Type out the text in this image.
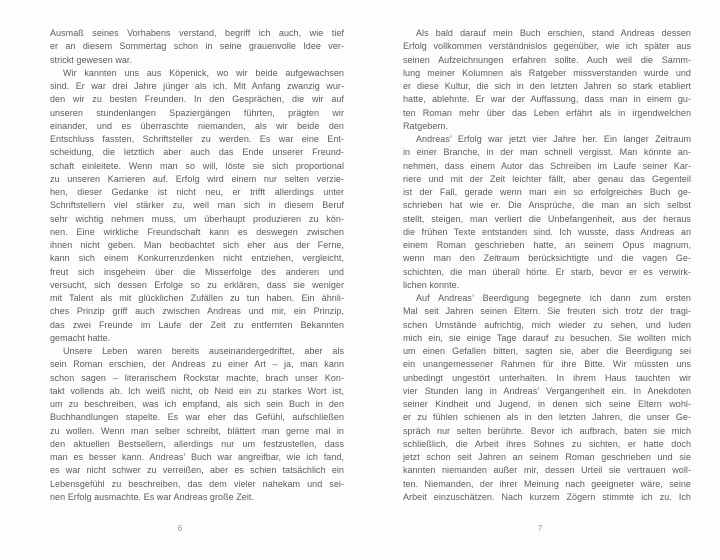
Ausmaß seines Vorhabens verstand, begriff ich auch, wie tief
er an diesem Sommertag schon in seine grauenvolle Idee ver-
strickt gewesen war.
Wir kannten uns aus Köpenick, wo wir beide aufgewachsen
sind. Er war drei Jahre jünger als ich. Mit Anfang zwanzig wur-
den wir zu besten Freunden. In den Gesprächen, die wir auf
unseren stundenlangen Spaziergängen führten, prägten wir
einander, und es überraschte niemanden, als wir beide den
Entschluss fassten, Schriftsteller zu werden. Es war eine Ent-
scheidung, die letztlich aber auch das Ende unserer Freund-
schaft einleitete. Wenn man so will, löste sie sich proportional
zu unseren Karrieren auf. Erfolg wird einem nur selten verzie-
hen, dieser Gedanke ist nicht neu, er trifft allerdings unter
Schriftstellern viel stärker zu, weil man sich in diesem Beruf
sehr wichtig nehmen muss, um überhaupt produzieren zu kön-
nen. Eine wirkliche Freundschaft kann es deswegen zwischen
ihnen nicht geben. Man beobachtet sich eher aus der Ferne,
kann sich einem Konkurrenzdenken nicht entziehen, vergleicht,
freut sich insgeheim über die Misserfolge des anderen und
versucht, sich dessen Erfolge so zu erklären, dass sie weniger
mit Talent als mit glücklichen Zufällen zu tun haben. Ein ähnli-
ches Prinzip griff auch zwischen Andreas und mir, ein Prinzip,
das zwei Freunde im Laufe der Zeit zu entfernten Bekannten
gemacht hatte.
Unsere Leben waren bereits auseinandergedriftet, aber als
sein Roman erschien, der Andreas zu einer Art – ja, man kann
schon sagen – literarischem Rockstar machte, brach unser Kon-
takt vollends ab. Ich weiß nicht, ob Neid ein zu starkes Wort ist,
um zu beschreiben, was ich empfand, als sich sein Buch in den
Buchhandlungen stapelte. Es war eher das Gefühl, aufschließen
zu wollen. Wenn man selber schreibt, blättert man gerne mal in
den aktuellen Bestsellern, allerdings nur um festzustellen, dass
man es besser kann. Andreas’ Buch war angreifbar, wie ich fand,
es war nicht schwer zu verreißen, aber es schien tatsächlich ein
Lebensgefühl zu beschreiben, das dem vieler nahekam und sei-
nen Erfolg ausmachte. Es war Andreas große Zeit.
6
Als bald darauf mein Buch erschien, stand Andreas dessen
Erfolg vollkommen verständnislos gegenüber, wie ich später aus
seinen Aufzeichnungen erfahren sollte. Auch weil die Samm-
lung meiner Kolumnen als Ratgeber missverstanden wurde und
er diese Kultur, die sich in den letzten Jahren so stark etabliert
hatte, ablehnte. Er war der Auffassung, dass man in einem gu-
ten Roman mehr über das Leben erfährt als in irgendwelchen
Ratgebern.
Andreas’ Erfolg war jetzt vier Jahre her. Ein langer Zeitraum
in einer Branche, in der man schnell vergisst. Man könnte an-
nehmen, dass einem Autor das Schreiben im Laufe seiner Kar-
riere und mit der Zeit leichter fällt, aber genau das Gegenteil
ist der Fall, gerade wenn man ein so erfolgreiches Buch ge-
schrieben hat wie er. Die Ansprüche, die man an sich selbst
stellt, steigen, man verliert die Unbefangenheit, aus der heraus
die frühen Texte entstanden sind. Ich wusste, dass Andreas an
einem Roman geschrieben hatte, an seinem Opus magnum,
wenn man den Zeitraum berücksichtigte und die vagen Ge-
schichten, die man überall hörte. Er starb, bevor er es verwirk-
lichen konnte.
Auf Andreas’ Beerdigung begegnete ich dann zum ersten
Mal seit Jahren seinen Eltern. Sie freuten sich trotz der tragi-
schen Umstände aufrichtig, mich wieder zu sehen, und luden
mich ein, sie einige Tage darauf zu besuchen. Sie wollten mich
um einen Gefallen bitten, sagten sie, aber die Beerdigung sei
ein unangemessener Rahmen für ihre Bitte. Wir müssten uns
unbedingt ungestört unterhalten. In ihrem Haus tauchten wir
vier Stunden lang in Andreas’ Vergangenheit ein. In Anekdoten
seiner Kindheit und Jugend, in denen sich seine Eltern wohl-
er zu fühlen schienen als in den letzten Jahren, die unser Ge-
spräch nur selten berührte. Bevor ich aufbrach, baten sie mich
schließlich, die Arbeit ihres Sohnes zu sichten, er hatte doch
jetzt schon seit Jahren an seinem Roman geschrieben und sie
kannten niemanden außer mir, dessen Urteil sie vertrauen woll-
ten. Niemanden, der ihrer Meinung nach geeigneter wäre, seine
Arbeit einzuschätzen. Nach kurzem Zögern stimmte ich zu. Ich
7
